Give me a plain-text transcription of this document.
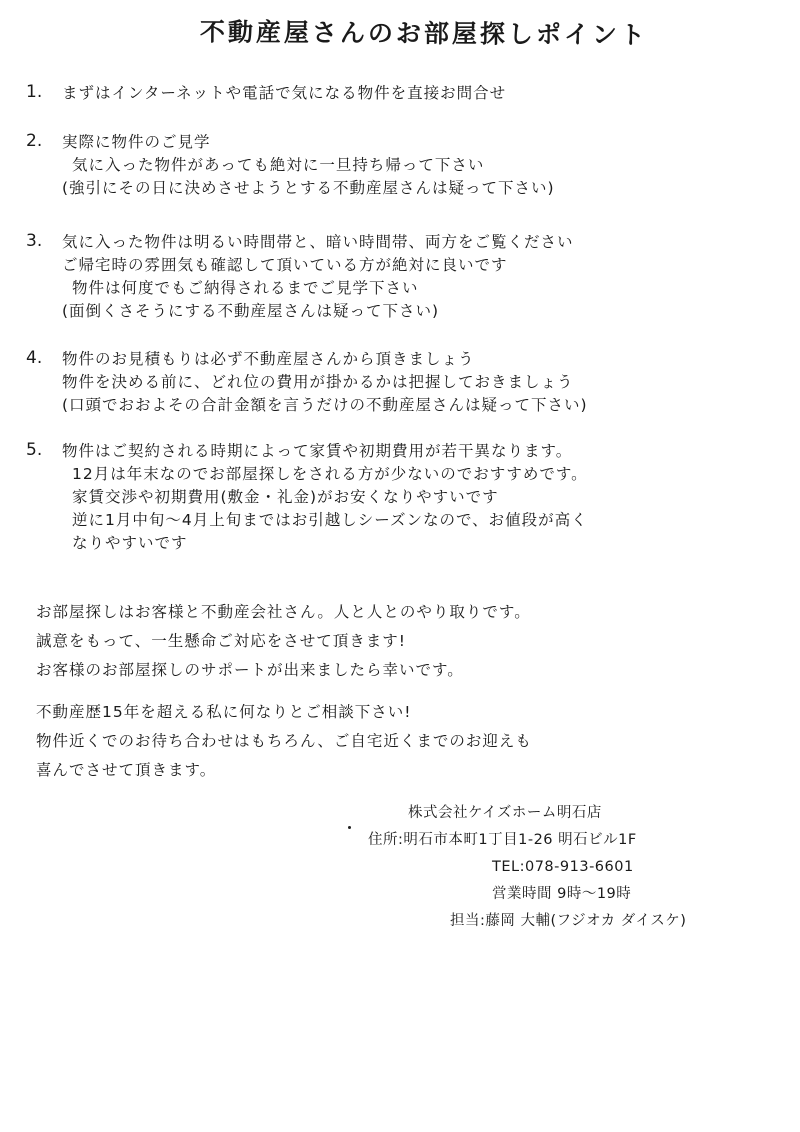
不動産屋さんのお部屋探しポイント
1. まずはインターネットや電話で気になる物件を直接お問合せ
2. 実際に物件のご見学
気に入った物件があっても絶対に一旦持ち帰って下さい
(強引にその日に決めさせようとする不動産屋さんは疑って下さい)
3. 気に入った物件は明るい時間帯と、暗い時間帯、両方をご覧ください
ご帰宅時の雰囲気も確認して頂いている方が絶対に良いです
物件は何度でもご納得されるまでご見学下さい
(面倒くさそうにする不動産屋さんは疑って下さい)
4. 物件のお見積もりは必ず不動産屋さんから頂きましょう
物件を決める前に、どれ位の費用が掛かるかは把握しておきましょう
(口頭でおおよその合計金額を言うだけの不動産屋さんは疑って下さい)
5. 物件はご契約される時期によって家賃や初期費用が若干異なります。
12月は年末なのでお部屋探しをされる方が少ないのでおすすめです。
家賃交渉や初期費用(敷金・礼金)がお安くなりやすいです
逆に1月中旬〜4月上旬まではお引越しシーズンなので、お値段が高く
なりやすいです
お部屋探しはお客様と不動産会社さん。人と人とのやり取りです。
誠意をもって、一生懸命ご対応をさせて頂きます!
お客様のお部屋探しのサポートが出来ましたら幸いです。
不動産歴15年を超える私に何なりとご相談下さい!
物件近くでのお待ち合わせはもちろん、ご自宅近くまでのお迎えも
喜んでさせて頂きます。
株式会社ケイズホーム明石店
住所:明石市本町1丁目1-26 明石ビル1F
TEL:078-913-6601
営業時間 9時〜19時
担当:藤岡 大輔(フジオカ ダイスケ)
